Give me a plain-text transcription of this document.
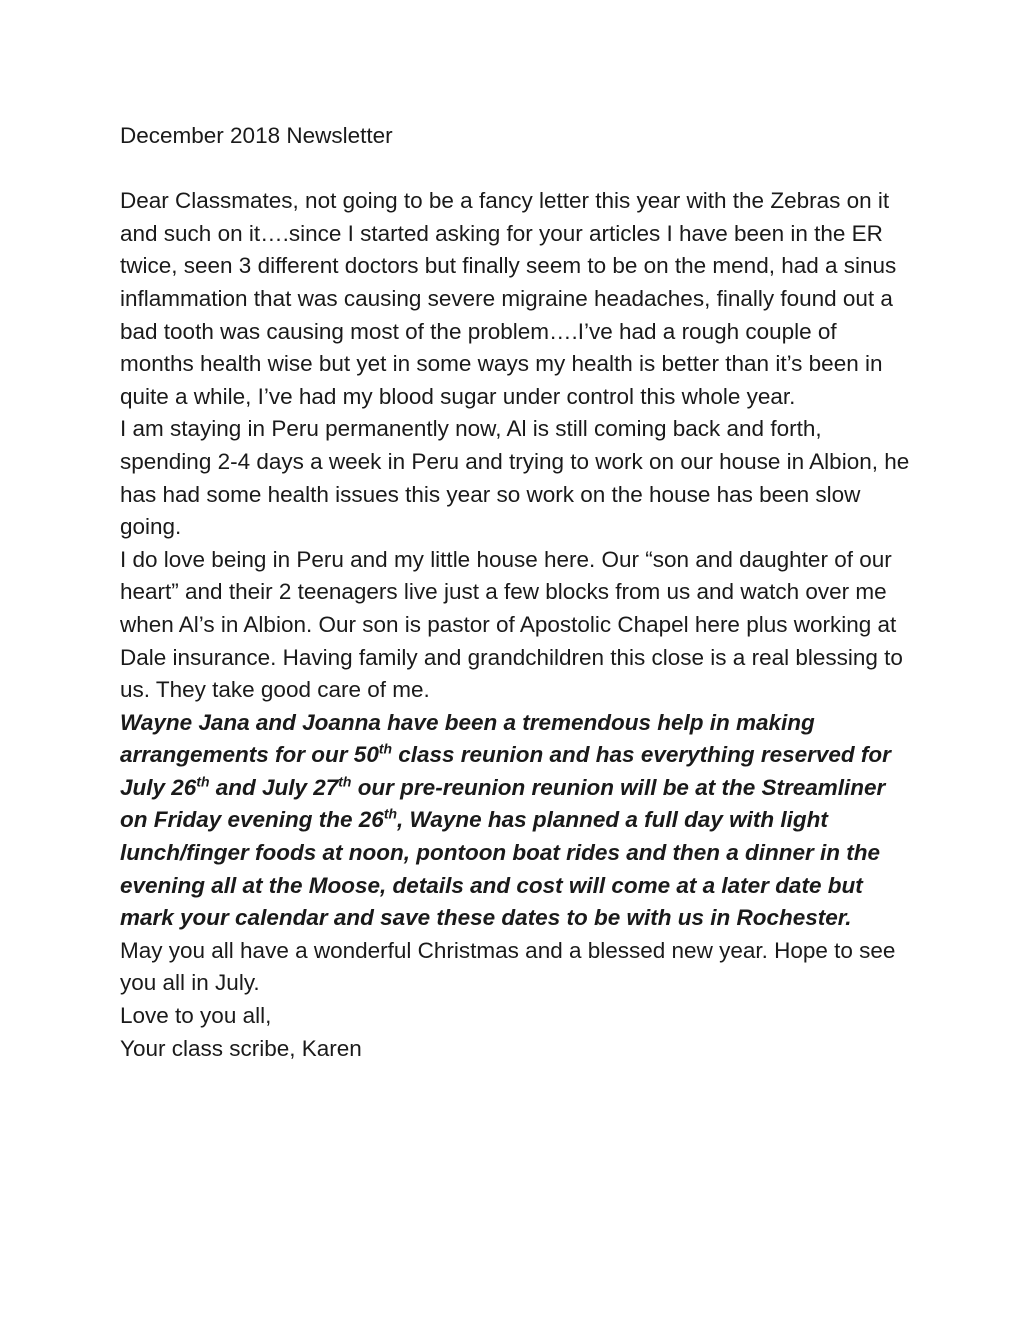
December 2018 Newsletter

Dear Classmates, not going to be a fancy letter this year with the Zebras on it and such on it….since I started asking for your articles I have been in the ER twice, seen 3 different doctors but finally seem to be on the mend, had a sinus inflammation that was causing severe migraine headaches, finally found out a bad tooth was causing most of the problem….I’ve had a rough couple of months health wise but yet in some ways my health is better than it’s been in quite a while, I’ve had my blood sugar under control this whole year.

I am staying in Peru permanently now, Al is still coming back and forth, spending 2-4 days a week in Peru and trying to work on our house in Albion, he has had some health issues this year so work on the house has been slow going.

I do love being in Peru and my little house here. Our “son and daughter of our heart” and their 2 teenagers live just a few blocks from us and watch over me when Al’s in Albion. Our son is pastor of Apostolic Chapel here plus working at Dale insurance. Having family and grandchildren this close is a real blessing to us. They take good care of me.

Wayne Jana and Joanna have been a tremendous help in making arrangements for our 50th class reunion and has everything reserved for July 26th and July 27th our pre-reunion reunion will be at the Streamliner on Friday evening the 26th, Wayne has planned a full day with light lunch/finger foods at noon, pontoon boat rides and then a dinner in the evening all at the Moose, details and cost will come at a later date but mark your calendar and save these dates to be with us in Rochester.

May you all have a wonderful Christmas and a blessed new year. Hope to see you all in July.

Love to you all,

Your class scribe, Karen
